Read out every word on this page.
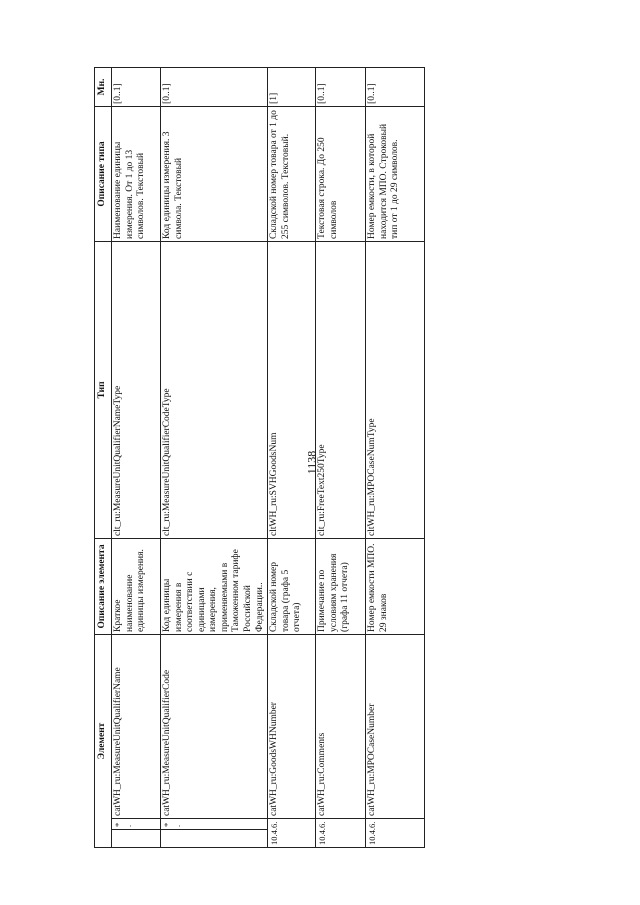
1138
Элемент			Описание элемента	Тип	Описание типа	Мн.
	*.	catWH_ru:MeasureUnitQualifierName	Краткое наименование единицы измерения.	clt_ru:MeasureUnitQualifierNameType	Наименование единицы измерения. От 1 до 13 символов. Текстовый	[0..1]
	*.	catWH_ru:MeasureUnitQualifierCode	Код единицы измерения в соответствии с единицами измерения, применяемыми в Таможенном тарифе Российской Федерации..	clt_ru:MeasureUnitQualifierCodeType	Код единицы измерения. 3 символа. Текстовый	[0..1]
10.4.6.		catWH_ru:GoodsWHNumber	Складской номер товара (графа 5 отчета)	cltWH_ru:SVHGoodsNum	Складской номер товара от 1 до 255 символов. Текстовый.	[1]
10.4.6.		catWH_ru:Comments	Примечание по условиям хранения (графа 11 отчета)	clt_ru:FreeText250Type	Текстовая строка. До 250 символов	[0..1]
10.4.6.		catWH_ru:MPOCaseNumber	Номер емкости МПО. 29 знаков	cltWH_ru:MPOCaseNumType	Номер емкости, в которой находится МПО. Строковый тип от 1 до 29 символов.	[0..1]
